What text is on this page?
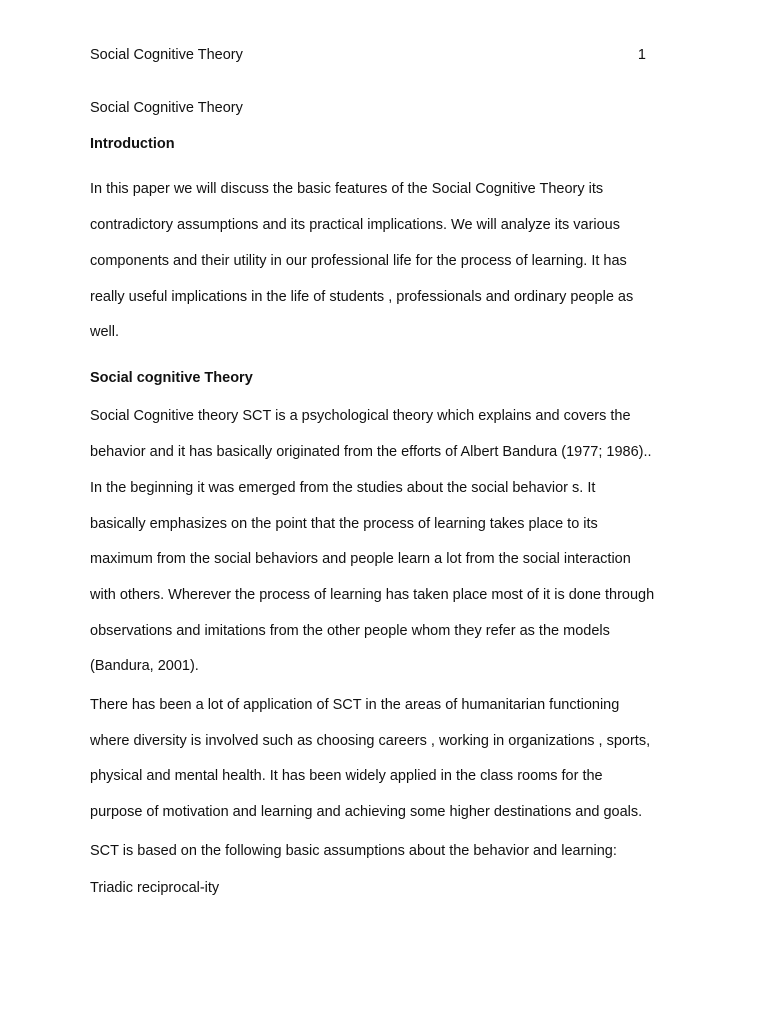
Social Cognitive Theory	1
Social Cognitive Theory
Introduction
In this paper we will discuss the basic features of the Social Cognitive Theory its
contradictory assumptions and its practical implications. We will analyze its various
components and their utility in our professional life for the process of learning. It has
really useful implications in the life of students , professionals and ordinary people as
well.
Social cognitive Theory
Social Cognitive theory SCT is a psychological theory which explains and covers the
behavior and it has basically originated from the efforts of Albert Bandura (1977; 1986)..
In the beginning it was emerged from the studies about the social behavior s. It
basically emphasizes on the point that the process of learning takes place to its
maximum from the social behaviors and people learn a lot from the social interaction
with others. Wherever the process of learning has taken place most of it is done through
observations and imitations from the other people whom they refer as the models
(Bandura, 2001).
There has been a lot of application of SCT in the areas of humanitarian functioning
where diversity is involved such as choosing careers , working in organizations , sports,
physical and mental health. It has been widely applied in the class rooms for the
purpose of motivation and learning and achieving some higher destinations and goals.
SCT is based on the following basic assumptions about the behavior and learning:
Triadic reciprocal-ity
